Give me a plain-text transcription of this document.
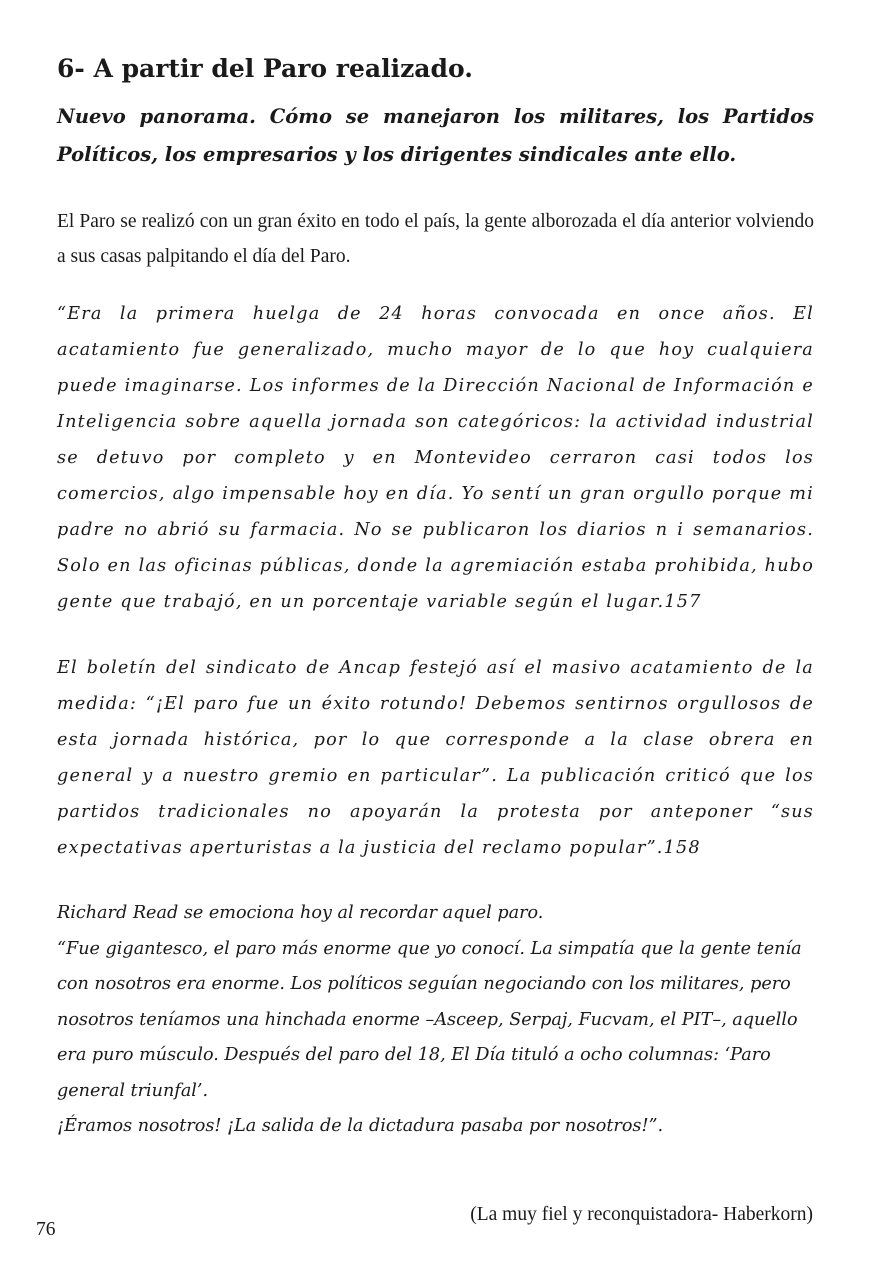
6- A partir del Paro realizado.

Nuevo panorama. Cómo se manejaron los militares, los Partidos Políticos, los empresarios y los dirigentes sindicales ante ello.

El Paro se realizó con un gran éxito en todo el país, la gente alborozada el día anterior volviendo a sus casas palpitando el día del Paro.

“Era la primera huelga de 24 horas convocada en once años. El acatamiento fue generalizado, mucho mayor de lo que hoy cualquiera puede imaginarse. Los informes de la Dirección Nacional de Información e Inteligencia sobre aquella jornada son categóricos: la actividad industrial se detuvo por completo y en Montevideo cerraron casi todos los comercios, algo impensable hoy en día. Yo sentí un gran orgullo porque mi padre no abrió su farmacia. No se publicaron los diarios n i semanarios. Solo en las oficinas públicas, donde la agremiación estaba prohibida, hubo gente que trabajó, en un porcentaje variable según el lugar.157

El boletín del sindicato de Ancap festejó así el masivo acatamiento de la medida: “¡El paro fue un éxito rotundo! Debemos sentirnos orgullosos de esta jornada histórica, por lo que corresponde a la clase obrera en general y a nuestro gremio en particular”. La publicación criticó que los partidos tradicionales no apoyarán la protesta por anteponer “sus expectativas aperturistas a la justicia del reclamo popular”.158

Richard Read se emociona hoy al recordar aquel paro.
“Fue gigantesco, el paro más enorme que yo conocí. La simpatía que la gente tenía con nosotros era enorme. Los políticos seguían negociando con los militares, pero nosotros teníamos una hinchada enorme –Asceep, Serpaj, Fucvam, el PIT–, aquello era puro músculo. Después del paro del 18, El Día tituló a ocho columnas: ‘Paro general triunfal’.
¡Éramos nosotros! ¡La salida de la dictadura pasaba por nosotros!”.

(La muy fiel y reconquistadora- Haberkorn)
76
